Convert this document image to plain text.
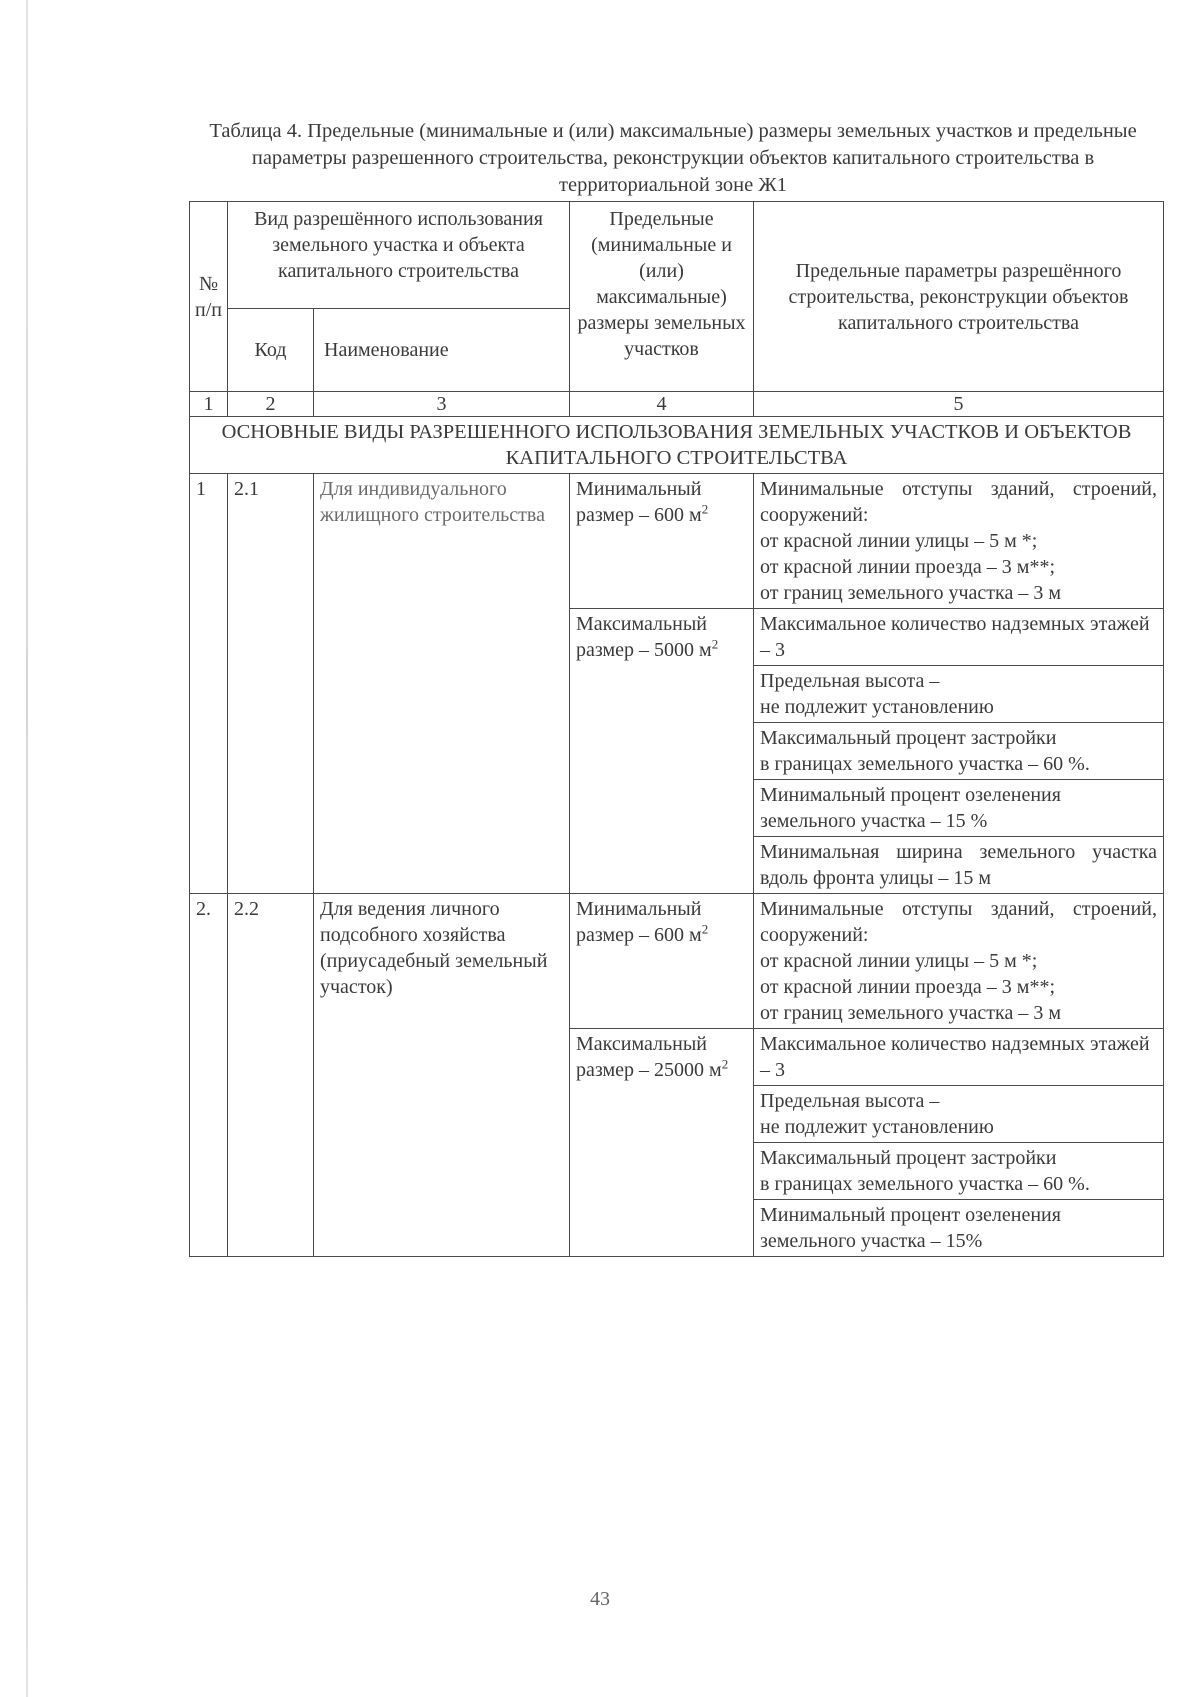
Таблица 4. Предельные (минимальные и (или) максимальные) размеры земельных участков и предельные параметры разрешенного строительства, реконструкции объектов капитального строительства в территориальной зоне Ж1
№ п/п	Вид разрешённого использования земельного участка и объекта капитального строительства		Предельные (минимальные и (или) максимальные) размеры земельных участков	Предельные параметры разрешённого строительства, реконструкции объектов капитального строительства
	Код	Наименование		
1	2	3	4	5
ОСНОВНЫЕ ВИДЫ РАЗРЕШЕННОГО ИСПОЛЬЗОВАНИЯ ЗЕМЕЛЬНЫХ УЧАСТКОВ И ОБЪЕКТОВ КАПИТАЛЬНОГО СТРОИТЕЛЬСТВА				
1	2.1	Для индивидуального жилищного строительства	Минимальный размер – 600 $м^2$	Минимальные отступы зданий, строений, сооружений:
от красной линии улицы – 5 м *;
от красной линии проезда – 3 м**;
от границ земельного участка – 3 м

			Максимальный размер – 5000 $м^2$	Максимальное количество надземных этажей – 3

				Предельная высота –
не подлежит установлению

				Максимальный процент застройки
в границах земельного участка – 60 %.

				Минимальный процент озеленения земельного участка – 15 %
				Минимальная ширина земельного участка вдоль фронта улицы – 15 м
2.	2.2	Для ведения личного подсобного хозяйства (приусадебный земельный участок)	Минимальный размер – 600 $м^2$	Минимальные отступы зданий, строений, сооружений:
от красной линии улицы – 5 м *;
от красной линии проезда – 3 м**;
от границ земельного участка – 3 м

			Максимальный размер – 25000 $м^2$	Максимальное количество надземных этажей – 3

				Предельная высота –
не подлежит установлению

				Максимальный процент застройки
в границах земельного участка – 60 %.

				Минимальный процент озеленения земельного участка – 15%
43
